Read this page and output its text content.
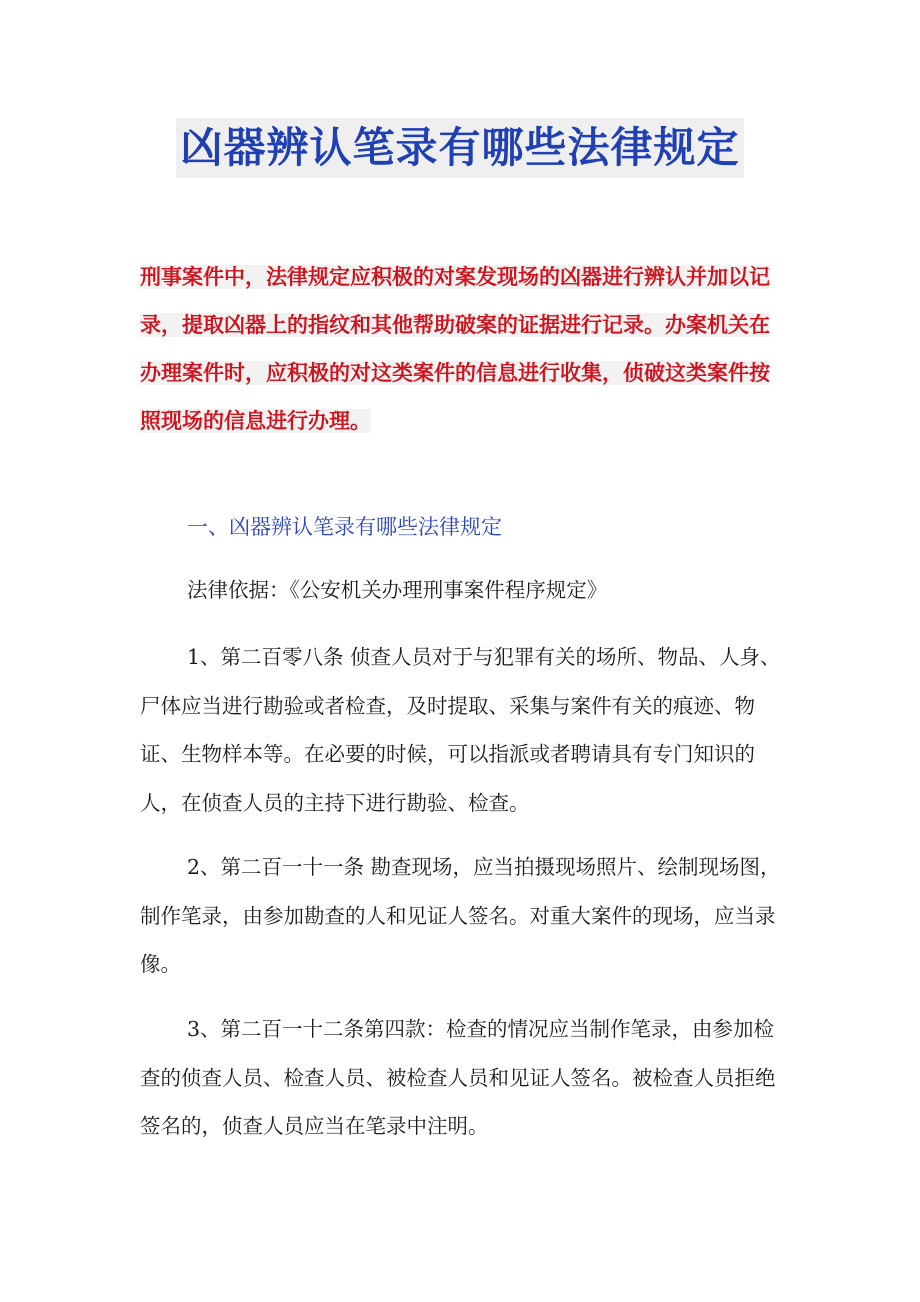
凶器辨认笔录有哪些法律规定

刑事案件中，法律规定应积极的对案发现场的凶器进行辨认并加以记录，提取凶器上的指纹和其他帮助破案的证据进行记录。办案机关在办理案件时，应积极的对这类案件的信息进行收集，侦破这类案件按照现场的信息进行办理。

一、凶器辨认笔录有哪些法律规定

法律依据：《公安机关办理刑事案件程序规定》

1、第二百零八条 侦查人员对于与犯罪有关的场所、物品、人身、尸体应当进行勘验或者检查，及时提取、采集与案件有关的痕迹、物证、生物样本等。在必要的时候，可以指派或者聘请具有专门知识的人，在侦查人员的主持下进行勘验、检查。

2、第二百一十一条 勘查现场，应当拍摄现场照片、绘制现场图，制作笔录，由参加勘查的人和见证人签名。对重大案件的现场，应当录像。

3、第二百一十二条第四款：检查的情况应当制作笔录，由参加检查的侦查人员、检查人员、被检查人员和见证人签名。被检查人员拒绝签名的，侦查人员应当在笔录中注明。
